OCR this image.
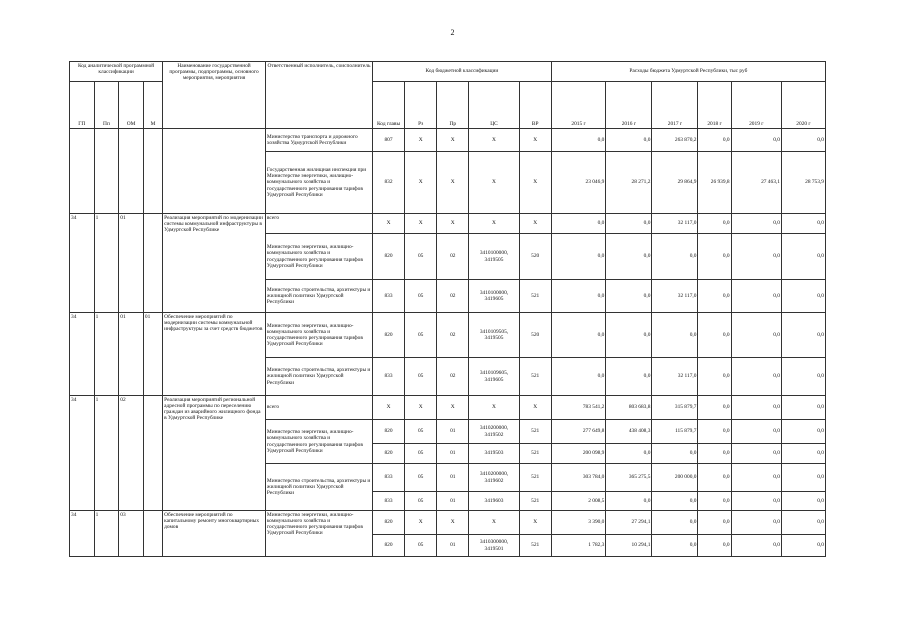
2
Код аналитической программной классификации				Наименование государственной программы, подпрограммы, основного мероприятия, мероприятия	Ответственный исполнитель, соисполнитель	Код бюджетной классификации					Расходы бюджета Удмуртской Республики, тыс руб					
ГП	Пп	ОМ	М			Код главы	Рз	Пр	ЦС	ВР	2015 г	2016 г	2017 г	2018 г	2019 г	2020 г
					Министерство транспорта и дорожного хозяйства Удмуртской Республики	807	X	X	X	X	0,0	0,0	263 870,2	0,0	0,0	0,0
					Государственная жилищная инспекция при Министерстве энергетики, жилищно-коммунального хозяйства и государственного регулирования тарифов Удмуртской Республики	832	X	X	X	X	23 046,9	28 271,2	29 864,9	26 939,8	27 463,1	28 753,9
34	1	01		Реализация мероприятий по модернизации системы коммунальной инфраструктуры в Удмуртской Республике	всего	X	X	X	X	X	0,0	0,0	32 117,0	0,0	0,0	0,0
					Министерство энергетики, жилищно-коммунального хозяйства и государственного регулирования тарифов Удмуртской Республики	820	05	02	3410100000, 3419505	520	0,0	0,0	0,0	0,0	0,0	0,0
					Министерство строительства, архитектуры и жилищной политики Удмуртской Республики	833	05	02	3410100000, 3419605	521	0,0	0,0	32 117,0	0,0	0,0	0,0
34	1	01	01	Обеспечение мероприятий по модернизации системы коммунальной инфраструктуры за счет средств бюджетов	Министерство энергетики, жилищно-коммунального хозяйства и государственного регулирования тарифов Удмуртской Республики	820	05	02	3410109505, 3419505	520	0,0	0,0	0,0	0,0	0,0	0,0
					Министерство строительства, архитектуры и жилищной политики Удмуртской Республики	833	05	02	3410109605, 3419605	521	0,0	0,0	32 117,0	0,0	0,0	0,0
34	1	02		Реализация мероприятий региональной адресной программы по переселению граждан из аварийного жилищного фонда в Удмуртской Республике	всего	X	X	X	X	X	783 541,2	803 683,8	315 879,7	0,0	0,0	0,0
					Министерство энергетики, жилищно-коммунального хозяйства и государственного регулирования тарифов Удмуртской Республики	820	05	01	3410200000, 3419502	521	277 649,8	438 408,3	115 879,7	0,0	0,0	0,0
						820	05	01	3419503	521	200 098,9	0,0	0,0	0,0	0,0	0,0
					Министерство строительства, архитектуры и жилищной политики Удмуртской Республики	833	05	01	3410200000, 3419602	521	303 784,0	365 275,5	200 000,0	0,0	0,0	0,0
						833	05	01	3419603	521	2 008,5	0,0	0,0	0,0	0,0	0,0
34	1	03		Обеспечение мероприятий по капитальному ремонту многоквартирных домов	Министерство энергетики, жилищно-коммунального хозяйства и государственного регулирования тарифов Удмуртской Республики	820	X	X	X	X	3 390,0	27 294,1	0,0	0,0	0,0	0,0
						820	05	01	3410300000, 3419501	521	1 782,3	10 294,1	0,0	0,0	0,0	0,0
